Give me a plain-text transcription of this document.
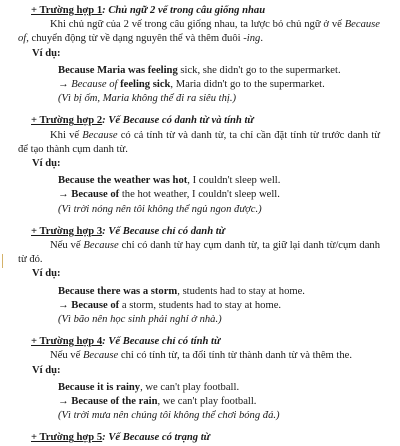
+ Trường hợp 1: Chủ ngữ 2 vế trong câu giống nhau

Khi chủ ngữ của 2 vế trong câu giống nhau, ta lược bỏ chủ ngữ ở vế Because of, chuyển động từ về dạng nguyên thể và thêm đuôi -ing.

Ví dụ:
Because Maria was feeling sick, she didn't go to the supermarket.
→ Because of feeling sick, Maria didn't go to the supermarket.
(Vì bị ốm, Maria không thể đi ra siêu thị.)
+ Trường hợp 2: Vế Because có danh từ và tính từ

Khi vế Because có cả tính từ và danh từ, ta chỉ cần đặt tính từ trước danh từ để tạo thành cụm danh từ.

Ví dụ:
Because the weather was hot, I couldn't sleep well.
→ Because of the hot weather, I couldn't sleep well.
(Vì trời nóng nên tôi không thể ngủ ngon được.)
+ Trường hợp 3: Vế Because chỉ có danh từ

Nếu vế Because chỉ có danh từ hay cụm danh từ, ta giữ lại danh từ/cụm danh từ đó.

Ví dụ:
Because there was a storm, students had to stay at home.
→ Because of a storm, students had to stay at home.
(Vì bão nên học sinh phải nghỉ ở nhà.)
+ Trường hợp 4: Vế Because chỉ có tính từ

Nếu vế Because chỉ có tính từ, ta đổi tính từ thành danh từ và thêm the.

Ví dụ:
Because it is rainy, we can't play football.
→ Because of the rain, we can't play football.
(Vì trời mưa nên chúng tôi không thể chơi bóng đá.)
+ Trường hợp 5: Vế Because có trạng từ
